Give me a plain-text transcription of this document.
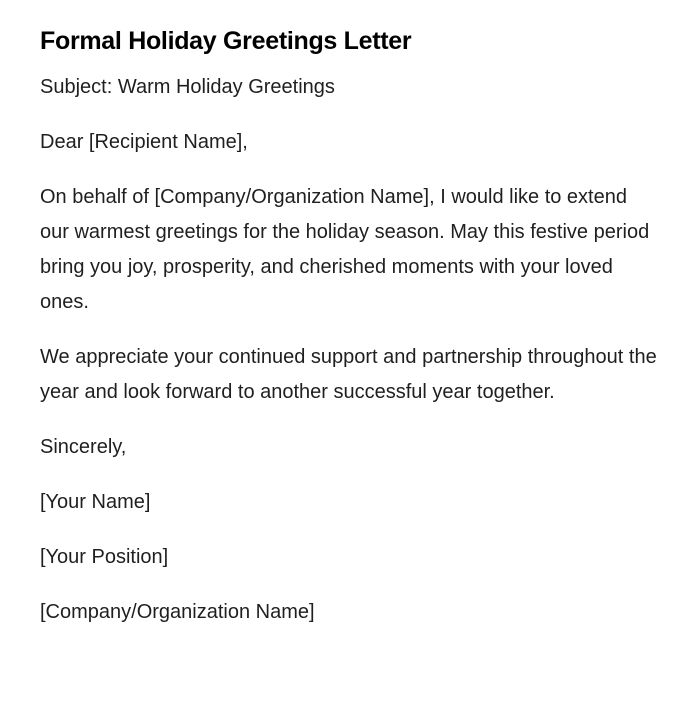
Formal Holiday Greetings Letter

Subject: Warm Holiday Greetings

Dear [Recipient Name],

On behalf of [Company/Organization Name], I would like to extend our warmest greetings for the holiday season. May this festive period bring you joy, prosperity, and cherished moments with your loved ones.

We appreciate your continued support and partnership throughout the year and look forward to another successful year together.

Sincerely,

[Your Name]

[Your Position]

[Company/Organization Name]
